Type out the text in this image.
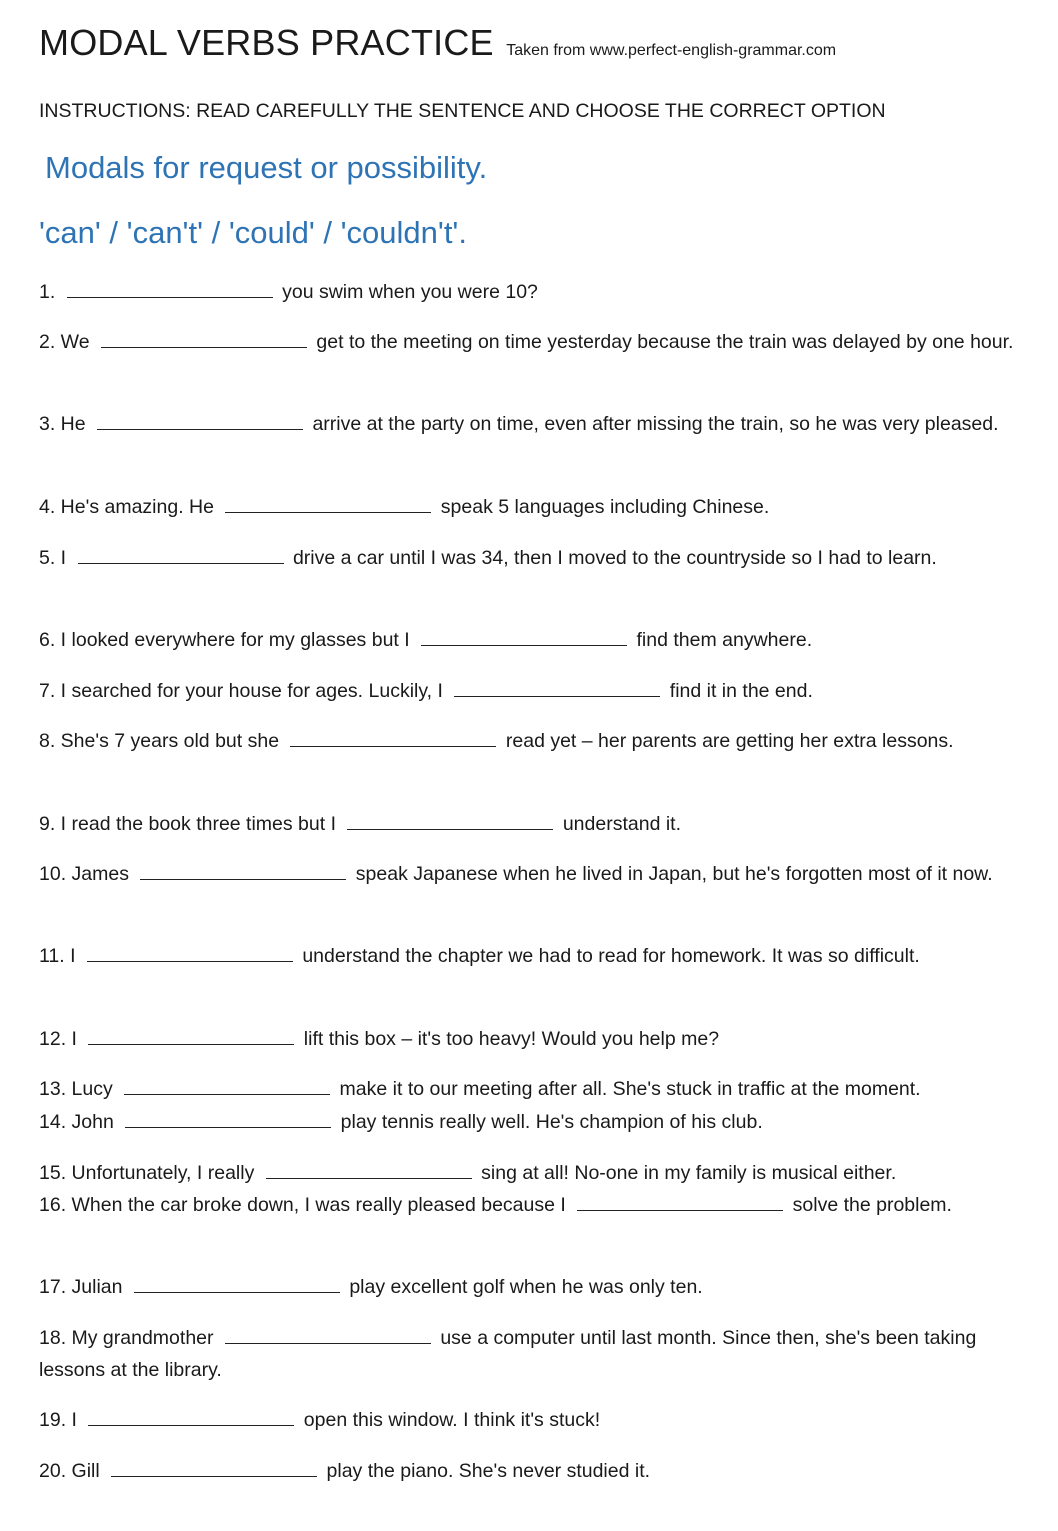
MODAL VERBS PRACTICE Taken from www.perfect-english-grammar.com
INSTRUCTIONS: READ CAREFULLY THE SENTENCE AND CHOOSE THE CORRECT OPTION
Modals for request or possibility.
'can' / 'can't' / 'could' / 'couldn't'.

1.	you swim when you were 10?

2. We	get to the meeting on time yesterday because the train was delayed by one hour.

3. He	arrive at the party on time, even after missing the train, so he was very pleased.

4. He's amazing. He	speak 5 languages including Chinese.

5. I	drive a car until I was 34, then I moved to the countryside so I had to learn.

6. I looked everywhere for my glasses but I	find them anywhere.

7. I searched for your house for ages. Luckily, I	find it in the end.

8. She's 7 years old but she	read yet – her parents are getting her extra lessons.

9. I read the book three times but I	understand it.

10. James	speak Japanese when he lived in Japan, but he's forgotten most of it now.

11. I	understand the chapter we had to read for homework. It was so difficult.

12. I	lift this box – it's too heavy! Would you help me?

13. Lucy	make it to our meeting after all. She's stuck in traffic at the moment.

14. John	play tennis really well. He's champion of his club.

15. Unfortunately, I really	sing at all! No-one in my family is musical either.

16. When the car broke down, I was really pleased because I	solve the problem.

17. Julian	play excellent golf when he was only ten.

18. My grandmother	use a computer until last month. Since then, she's been taking lessons at the library.

19. I	open this window. I think it's stuck!

20. Gill	play the piano. She's never studied it.
